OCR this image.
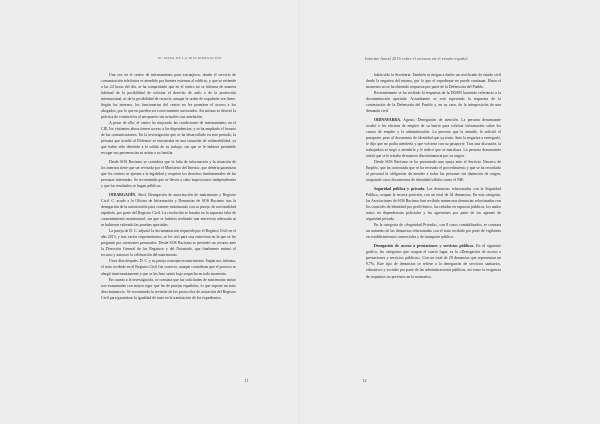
EL MAPA DE LA DISCRIMINACIÓN

Una vez en el centro de internamiento para extranjeros, donde el servicio de comunicación telefónica es atendido por fuentes externas al edificio, y que se extiende a las 24 horas del día, se ha comprobado que en el centro no se informa de manera habitual de la posibilidad de solicitar el derecho de asilo o de la protección internacional, ni de la posibilidad de recurrir, aunque la orden de expulsión sea firme. Según los internos, los funcionarios del centro no les permiten el acceso a los abogados, por lo que no pueden ser correctamente asesorados. Así mismo se detectó la práctica de conducirlos al aeropuerto sin avisarles con antelación.

A pesar de ello, el centro ha mejorado las condiciones de internamiento en el CIE, los visitantes ahora tienen acceso a las dependencias, y se ha ampliado el horario de las comunicaciones. En la investigación que se ha desarrollado en este periodo, la persona que acudió al Defensor se encontraba en una situación de vulnerabilidad, ya que había sido detenida a la salida de su trabajo, sin que se le hubiera permitido recoger sus pertenencias ni avisar a su familia.

Desde SOS Racismo se considera que la falta de información y la situación de los internos tiene que ser revisada por el Ministerio del Interior, que debería garantizar que los centros se ajusten a la legalidad y respeten los derechos fundamentales de las personas internadas. Se recomienda que se lleven a cabo inspecciones independientes y que los resultados se hagan públicos.

OIDARGAOÍN. Abril, Denegación de autorización de matrimonio y Registro Civil. C. acude a la Oficina de Información y Denuncias de SOS Racismo tras la denegación de la autorización para contraer matrimonio con su pareja, de nacionalidad española, por parte del Registro Civil. La resolución se basaba en la supuesta falta de consentimiento matrimonial, sin que se hubiera realizado una entrevista adecuada ni se hubieran valorado las pruebas aportadas.

La pareja de D. C. adjuntó la documentación requerida por el Registro Civil en el año 2013, y tras varios requerimientos, se les citó para una entrevista en la que se les preguntó por cuestiones personales. Desde SOS Racismo se presentó un recurso ante la Dirección General de los Registros y del Notariado, que finalmente estimó el recurso y autorizó la celebración del matrimonio.

Unos días después, D. C. y su pareja contrajeron matrimonio. Según nos informa, el trato recibido en el Registro Civil fue correcto, aunque consideran que el proceso se alargó innecesariamente y que se les hizo sentir bajo sospecha en todo momento.

En cuanto a la investigación, se constata que las solicitudes de matrimonio mixto son examinadas con mayor rigor que las de parejas españolas, lo que supone un trato discriminatorio. Se recomienda la revisión de los protocolos de actuación del Registro Civil para garantizar la igualdad de trato en la tramitación de los expedientes.

11
Informe Anual 2016 sobre el racismo en el estado español

había sido la Secretaría. También se niegan a darles un certificado de estado civil desde la negativa del mismo, por lo que el expediente no puede continuar. Hasta el momento no se ha obtenido respuesta por parte de la Defensoría del Pueblo.

Recientemente se ha recibido la respuesta de la DGRN haciendo referencia a la documentación aportada. Actualmente se está esperando la respuesta de la contestación de la Defensoría del Pueblo y, en su caso, de la interposición de una demanda civil.

OIDNAVARRA. Agosto. Denegación de atención. La persona denunciante acudió a las oficinas de empleo de su barrio para solicitar información sobre los cursos de empleo y la administración. La persona que la atendió, le solicitó el pasaporte, pese al documento de identidad que ya tenía. Ante la negativa a entregarlo, le dijo que no podía atenderla y que volviera con su pasaporte. Tras una discusión, la trabajadora se negó a atenderla y le indicó que se marchara. La persona denunciante sintió que se le trataba de manera discriminatoria por su origen.

Desde SOS Racismo se ha presentado una queja ante el Servicio Navarro de Empleo, que ha contestado que se ha revisado el procedimiento y que se ha recordado al personal la obligación de atender a todas las personas sin distinción de origen, aceptando otros documentos de identidad válidos como el NIE.

Seguridad pública y privada. Las denuncias relacionadas con la Seguridad Pública, ocupan la tercera posición, con un total de 44 denuncias. En esta categoría, las Asociaciones de SOS Racismo han recibido numerosas denuncias relacionadas con los controles de identidad por perfil étnico, las redadas en espacios públicos, los malos tratos en dependencias policiales y las agresiones por parte de los agentes de seguridad privada.

En la categoría de «Seguridad Privada», con 8 casos contabilizados, se constata un aumento de las denuncias relacionadas con el trato recibido por parte de vigilantes en establecimientos comerciales y de transporte público.

Denegación de acceso a prestaciones y servicios públicos. En el siguiente gráfico, las categorías que ocupan el cuarto lugar, es la «Denegación de acceso a prestaciones y servicios públicos». Con un total de 29 denuncias que representan un 9,7%. Este tipo de denuncias se refiere a la denegación de servicios sanitarios, educativos y sociales por parte de las administraciones públicas, así como la exigencia de requisitos no previstos en la normativa.

12
